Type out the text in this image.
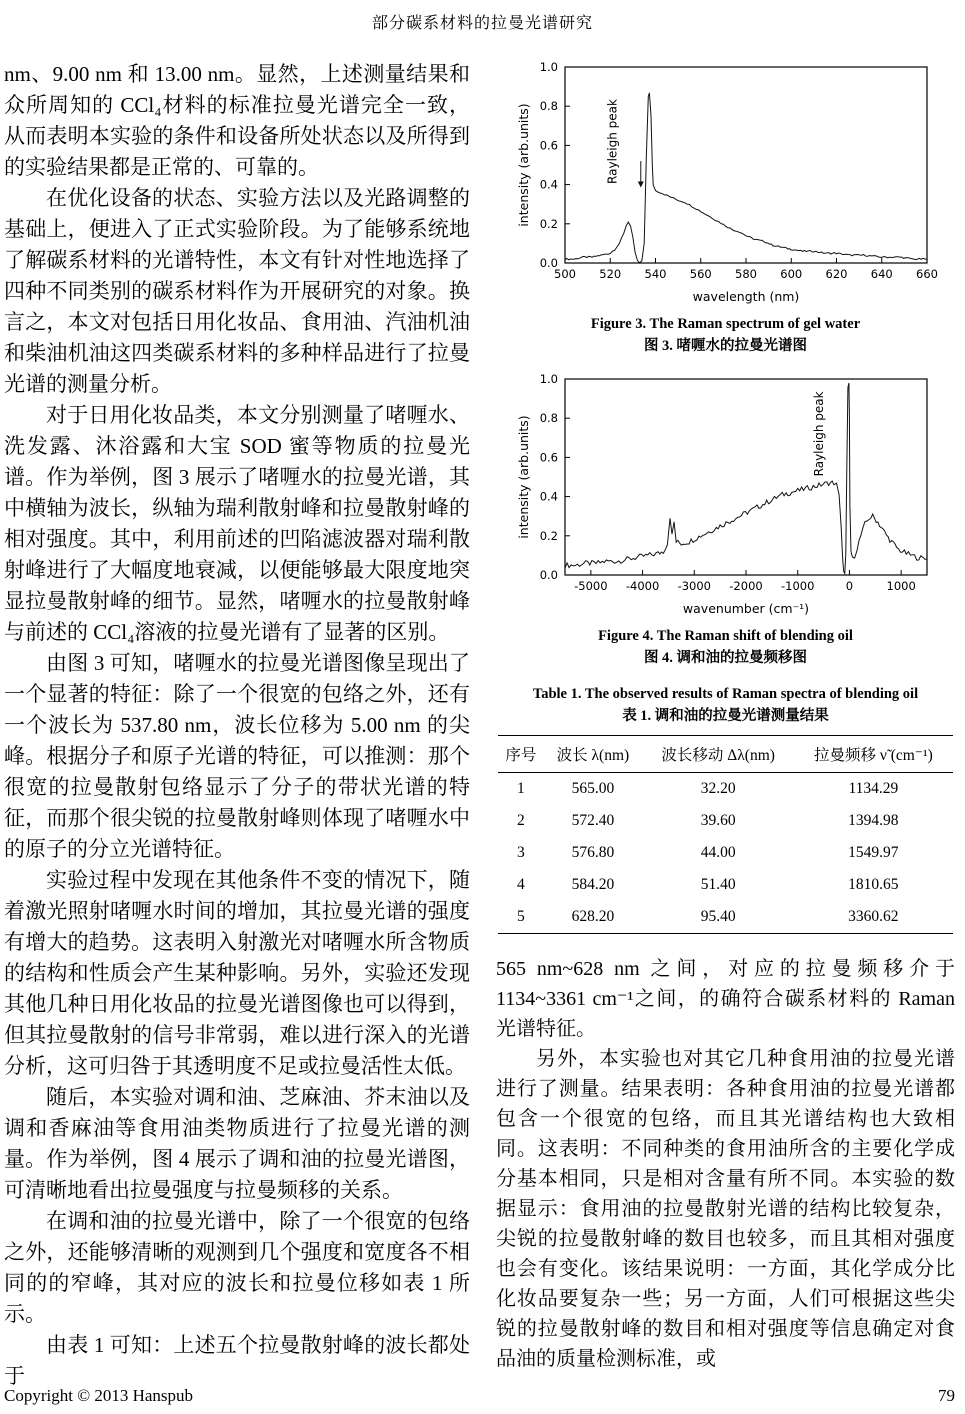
部分碳系材料的拉曼光谱研究

nm、9.00 nm 和 13.00 nm。显然，上述测量结果和众所周知的 CCl₄材料的标准拉曼光谱完全一致，从而表明本实验的条件和设备所处状态以及所得到的实验结果都是正常的、可靠的。

在优化设备的状态、实验方法以及光路调整的基础上，便进入了正式实验阶段。为了能够系统地了解碳系材料的光谱特性，本文有针对性地选择了四种不同类别的碳系材料作为开展研究的对象。换言之，本文对包括日用化妆品、食用油、汽油机油和柴油机油这四类碳系材料的多种样品进行了拉曼光谱的测量分析。

对于日用化妆品类，本文分别测量了啫喱水、洗发露、沐浴露和大宝 SOD 蜜等物质的拉曼光谱。作为举例，图 3 展示了啫喱水的拉曼光谱，其中横轴为波长，纵轴为瑞利散射峰和拉曼散射峰的相对强度。其中，利用前述的凹陷滤波器对瑞利散射峰进行了大幅度地衰减，以便能够最大限度地突显拉曼散射峰的细节。显然，啫喱水的拉曼散射峰与前述的 CCl₄溶液的拉曼光谱有了显著的区别。

由图 3 可知，啫喱水的拉曼光谱图像呈现出了一个显著的特征：除了一个很宽的包络之外，还有一个波长为 537.80 nm，波长位移为 5.00 nm 的尖峰。根据分子和原子光谱的特征，可以推测：那个很宽的拉曼散射包络显示了分子的带状光谱的特征，而那个很尖锐的拉曼散射峰则体现了啫喱水中的原子的分立光谱特征。

实验过程中发现在其他条件不变的情况下，随着激光照射啫喱水时间的增加，其拉曼光谱的强度有增大的趋势。这表明入射激光对啫喱水所含物质的结构和性质会产生某种影响。另外，实验还发现其他几种日用化妆品的拉曼光谱图像也可以得到，但其拉曼散射的信号非常弱，难以进行深入的光谱分析，这可归咎于其透明度不足或拉曼活性太低。

随后，本实验对调和油、芝麻油、芥末油以及调和香麻油等食用油类物质进行了拉曼光谱的测量。作为举例，图 4 展示了调和油的拉曼光谱图，可清晰地看出拉曼强度与拉曼频移的关系。

在调和油的拉曼光谱中，除了一个很宽的包络之外，还能够清晰的观测到几个强度和宽度各不相同的的窄峰，其对应的波长和拉曼位移如表 1 所示。

由表 1 可知：上述五个拉曼散射峰的波长都处于

500 520 540 560 580 600 620 640 660
0.0
0.2
0.4
0.6
0.8
1.0
wavelength (nm)
intensity (arb.units)	Rayleigh peak
Figure 3. The Raman spectrum of gel water
图 3. 啫喱水的拉曼光谱图
-5000 -4000 -3000 -2000 -1000	0	1000
0.0
0.2
0.4
0.6
0.8
1.0
wavenumber (cm⁻¹)
intensity (arb.units)	Rayleigh peak
Figure 4. The Raman shift of blending oil
图 4. 调和油的拉曼频移图
Table 1. The observed results of Raman spectra of blending oil
表 1. 调和油的拉曼光谱测量结果
序号	波长 λ(nm)	波长移动 Δλ(nm)	拉曼频移 ν̃ (cm⁻¹)
1	565.00	32.20	1134.29
2	572.40	39.60	1394.98
3	576.80	44.00	1549.97
4	584.20	51.40	1810.65
5	628.20	95.40	3360.62

565 nm~628 nm 之间，对应的拉曼频移介于 1134~3361 cm⁻¹之间，的确符合碳系材料的 Raman 光谱特征。

另外，本实验也对其它几种食用油的拉曼光谱进行了测量。结果表明：各种食用油的拉曼光谱都包含一个很宽的包络，而且其光谱结构也大致相同。这表明：不同种类的食用油所含的主要化学成分基本相同，只是相对含量有所不同。本实验的数据显示：食用油的拉曼散射光谱的结构比较复杂，尖锐的拉曼散射峰的数目也较多，而且其相对强度也会有变化。该结果说明：一方面，其化学成分比化妆品要复杂一些；另一方面，人们可根据这些尖锐的拉曼散射峰的数目和相对强度等信息确定对食品油的质量检测标准，或

Copyright © 2013 Hanspub	79
